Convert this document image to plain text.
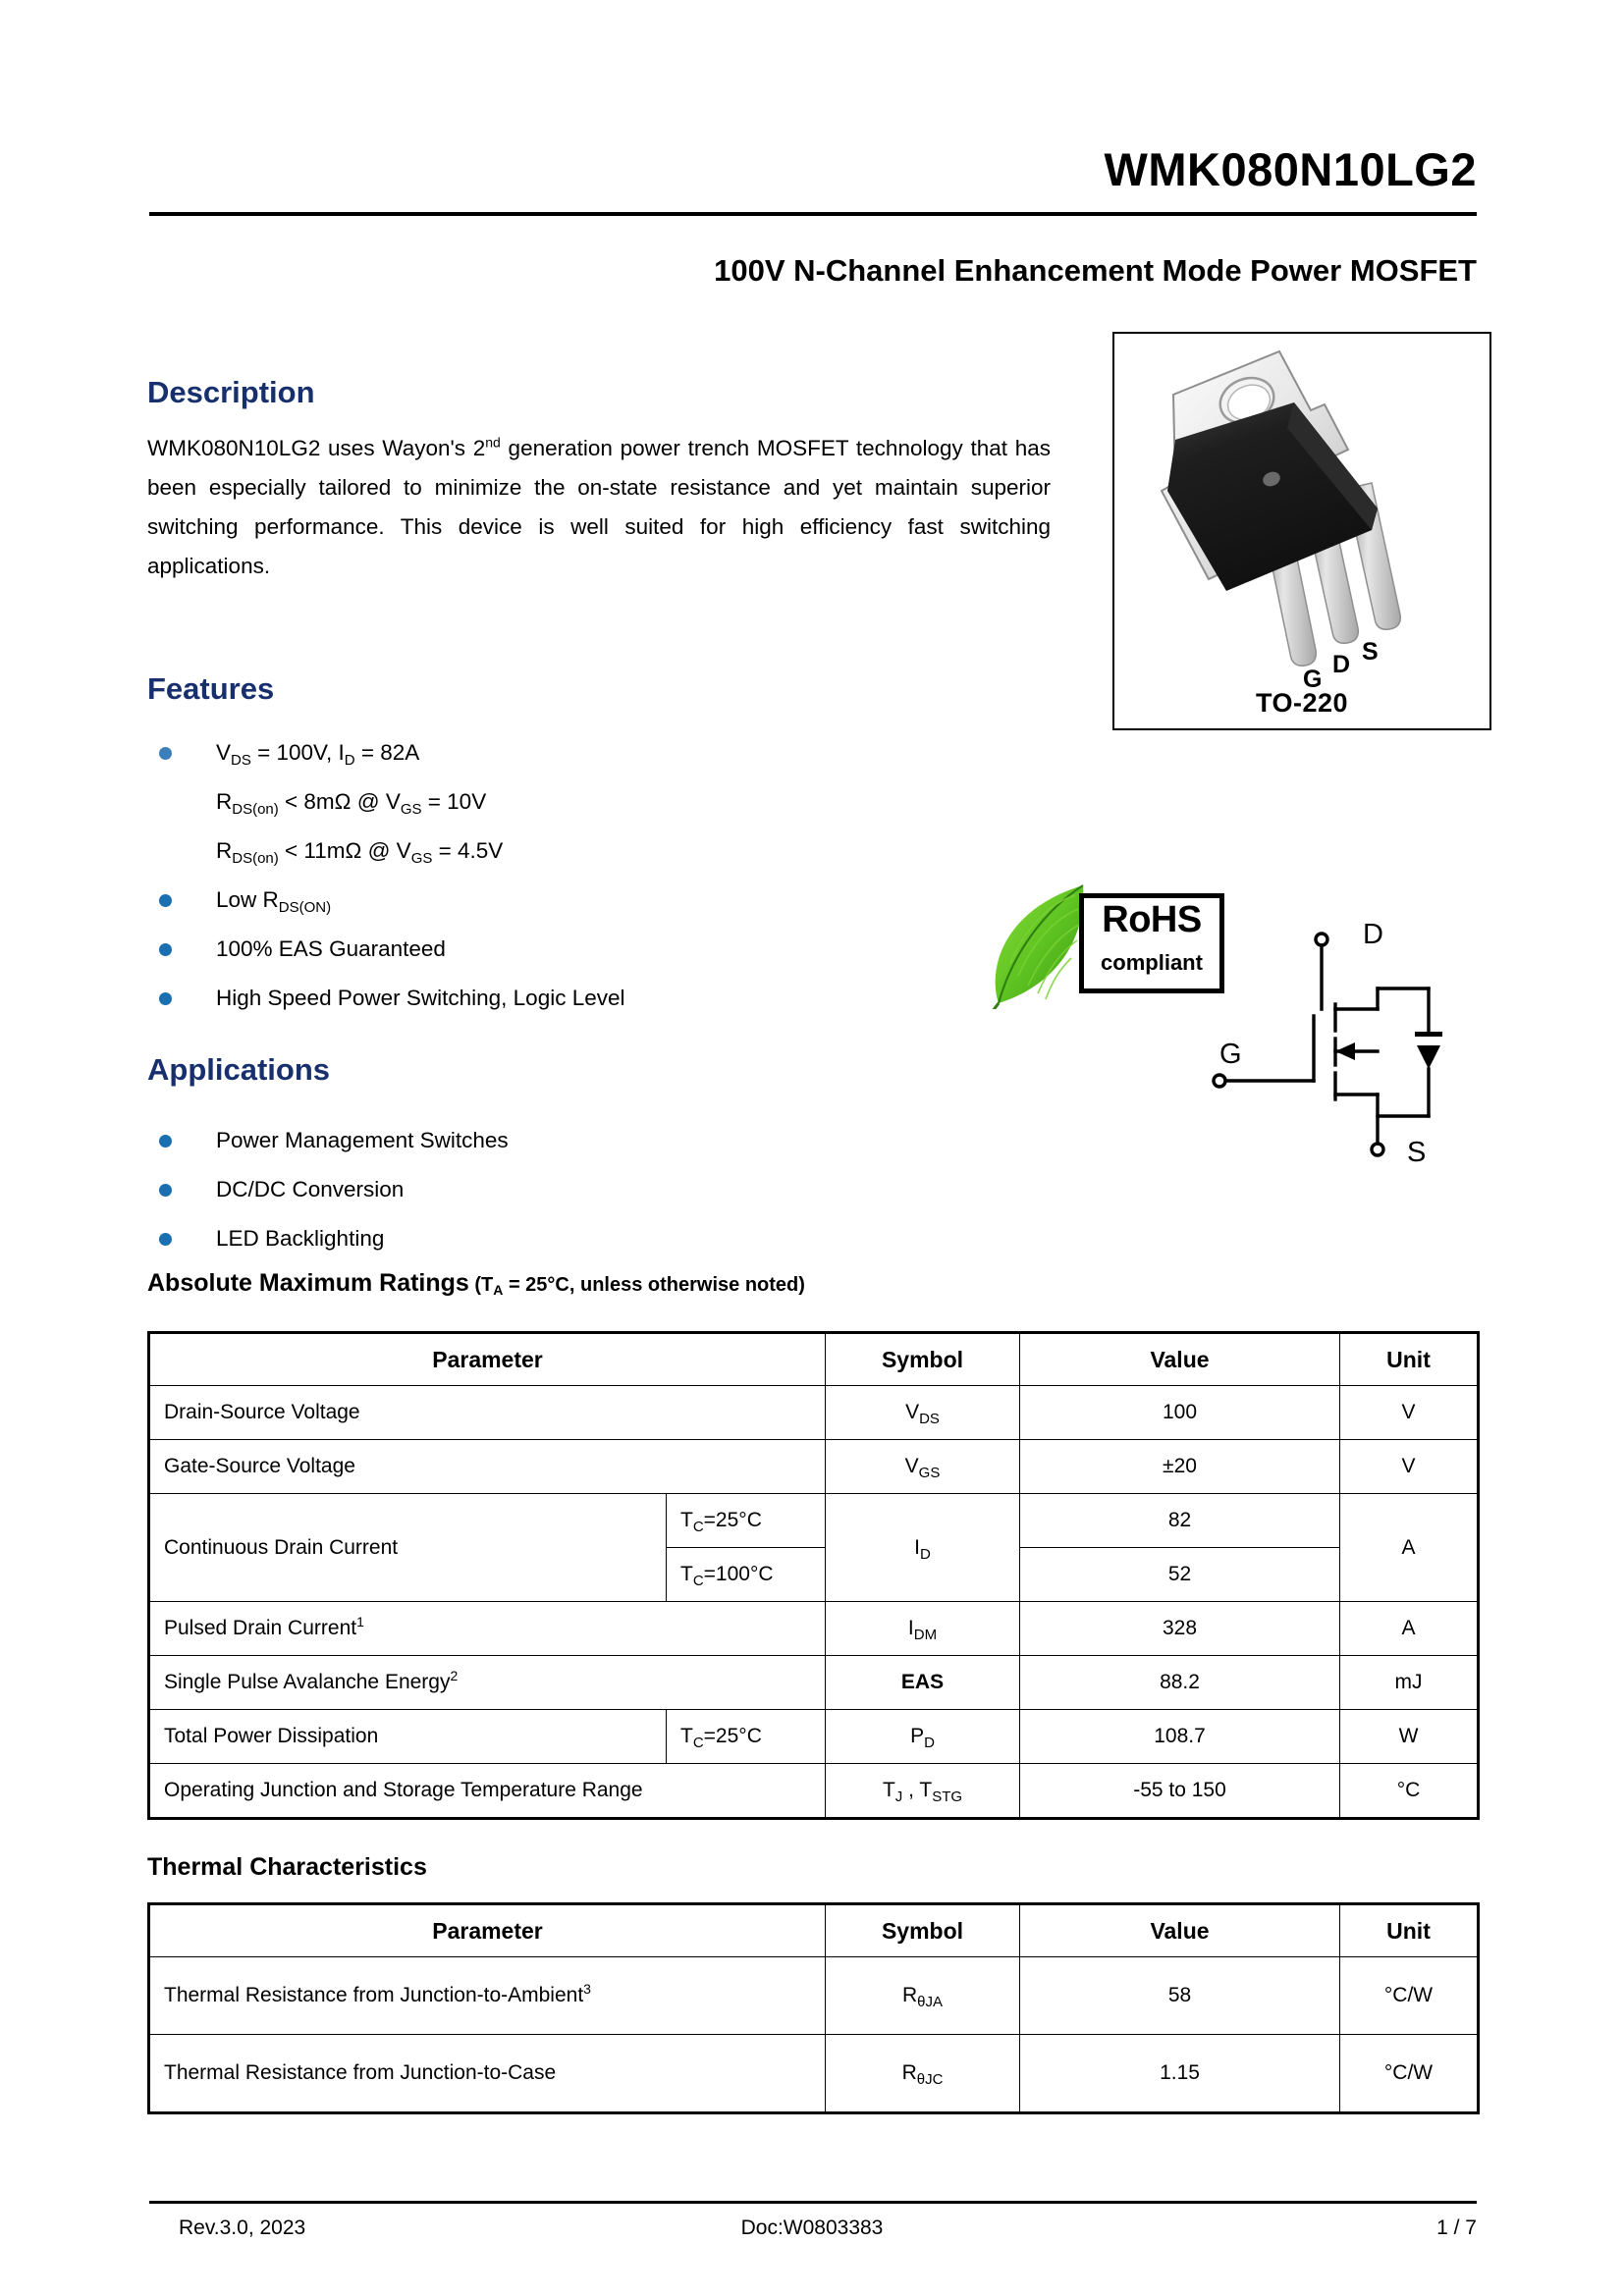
WMK080N10LG2
100V N-Channel Enhancement Mode Power MOSFET
Description
WMK080N10LG2 uses Wayon's 2nd generation power trench MOSFET technology that has been especially tailored to minimize the on-state resistance and yet maintain superior switching performance. This device is well suited for high efficiency fast switching applications.
Features
$V_{DS} = 100V$, $I_D = 82A$
$R_{DS(on)} < 8m\Omega$ @ $V_{GS} = 10V$
$R_{DS(on)} < 11m\Omega$ @ $V_{GS} = 4.5V$
Low $R_{DS(ON)}$
100% EAS Guaranteed
High Speed Power Switching, Logic Level
Applications
Power Management Switches
DC/DC Conversion
LED Backlighting
G
D S
TO-220
RoHS
compliant
D
G
S
Absolute Maximum Ratings ($T_A = 25^\circ C$, unless otherwise noted)
Parameter		Symbol	Value	Unit
Drain-Source Voltage		$V_{DS}$	100	V
Gate-Source Voltage		$V_{GS}$	±20	V
Continuous Drain Current	$T_C=25^\circ C$	$I_D$	82	A
	$T_C=100^\circ C$		52	
Pulsed Drain Current$^1$		$I_{DM}$	328	A
Single Pulse Avalanche Energy$^2$		EAS	88.2	mJ
Total Power Dissipation	$T_C=25^\circ C$	$P_D$	108.7	W
Operating Junction and Storage Temperature Range		$T_J$ , $T_{STG}$	-55 to 150	°C
Thermal Characteristics
Parameter	Symbol	Value	Unit
Thermal Resistance from Junction-to-Ambient$^3$	$R_{\theta JA}$	58	°C/W
Thermal Resistance from Junction-to-Case	$R_{\theta JC}$	1.15	°C/W
Rev.3.0, 2023	Doc:W0803383	1 / 7
